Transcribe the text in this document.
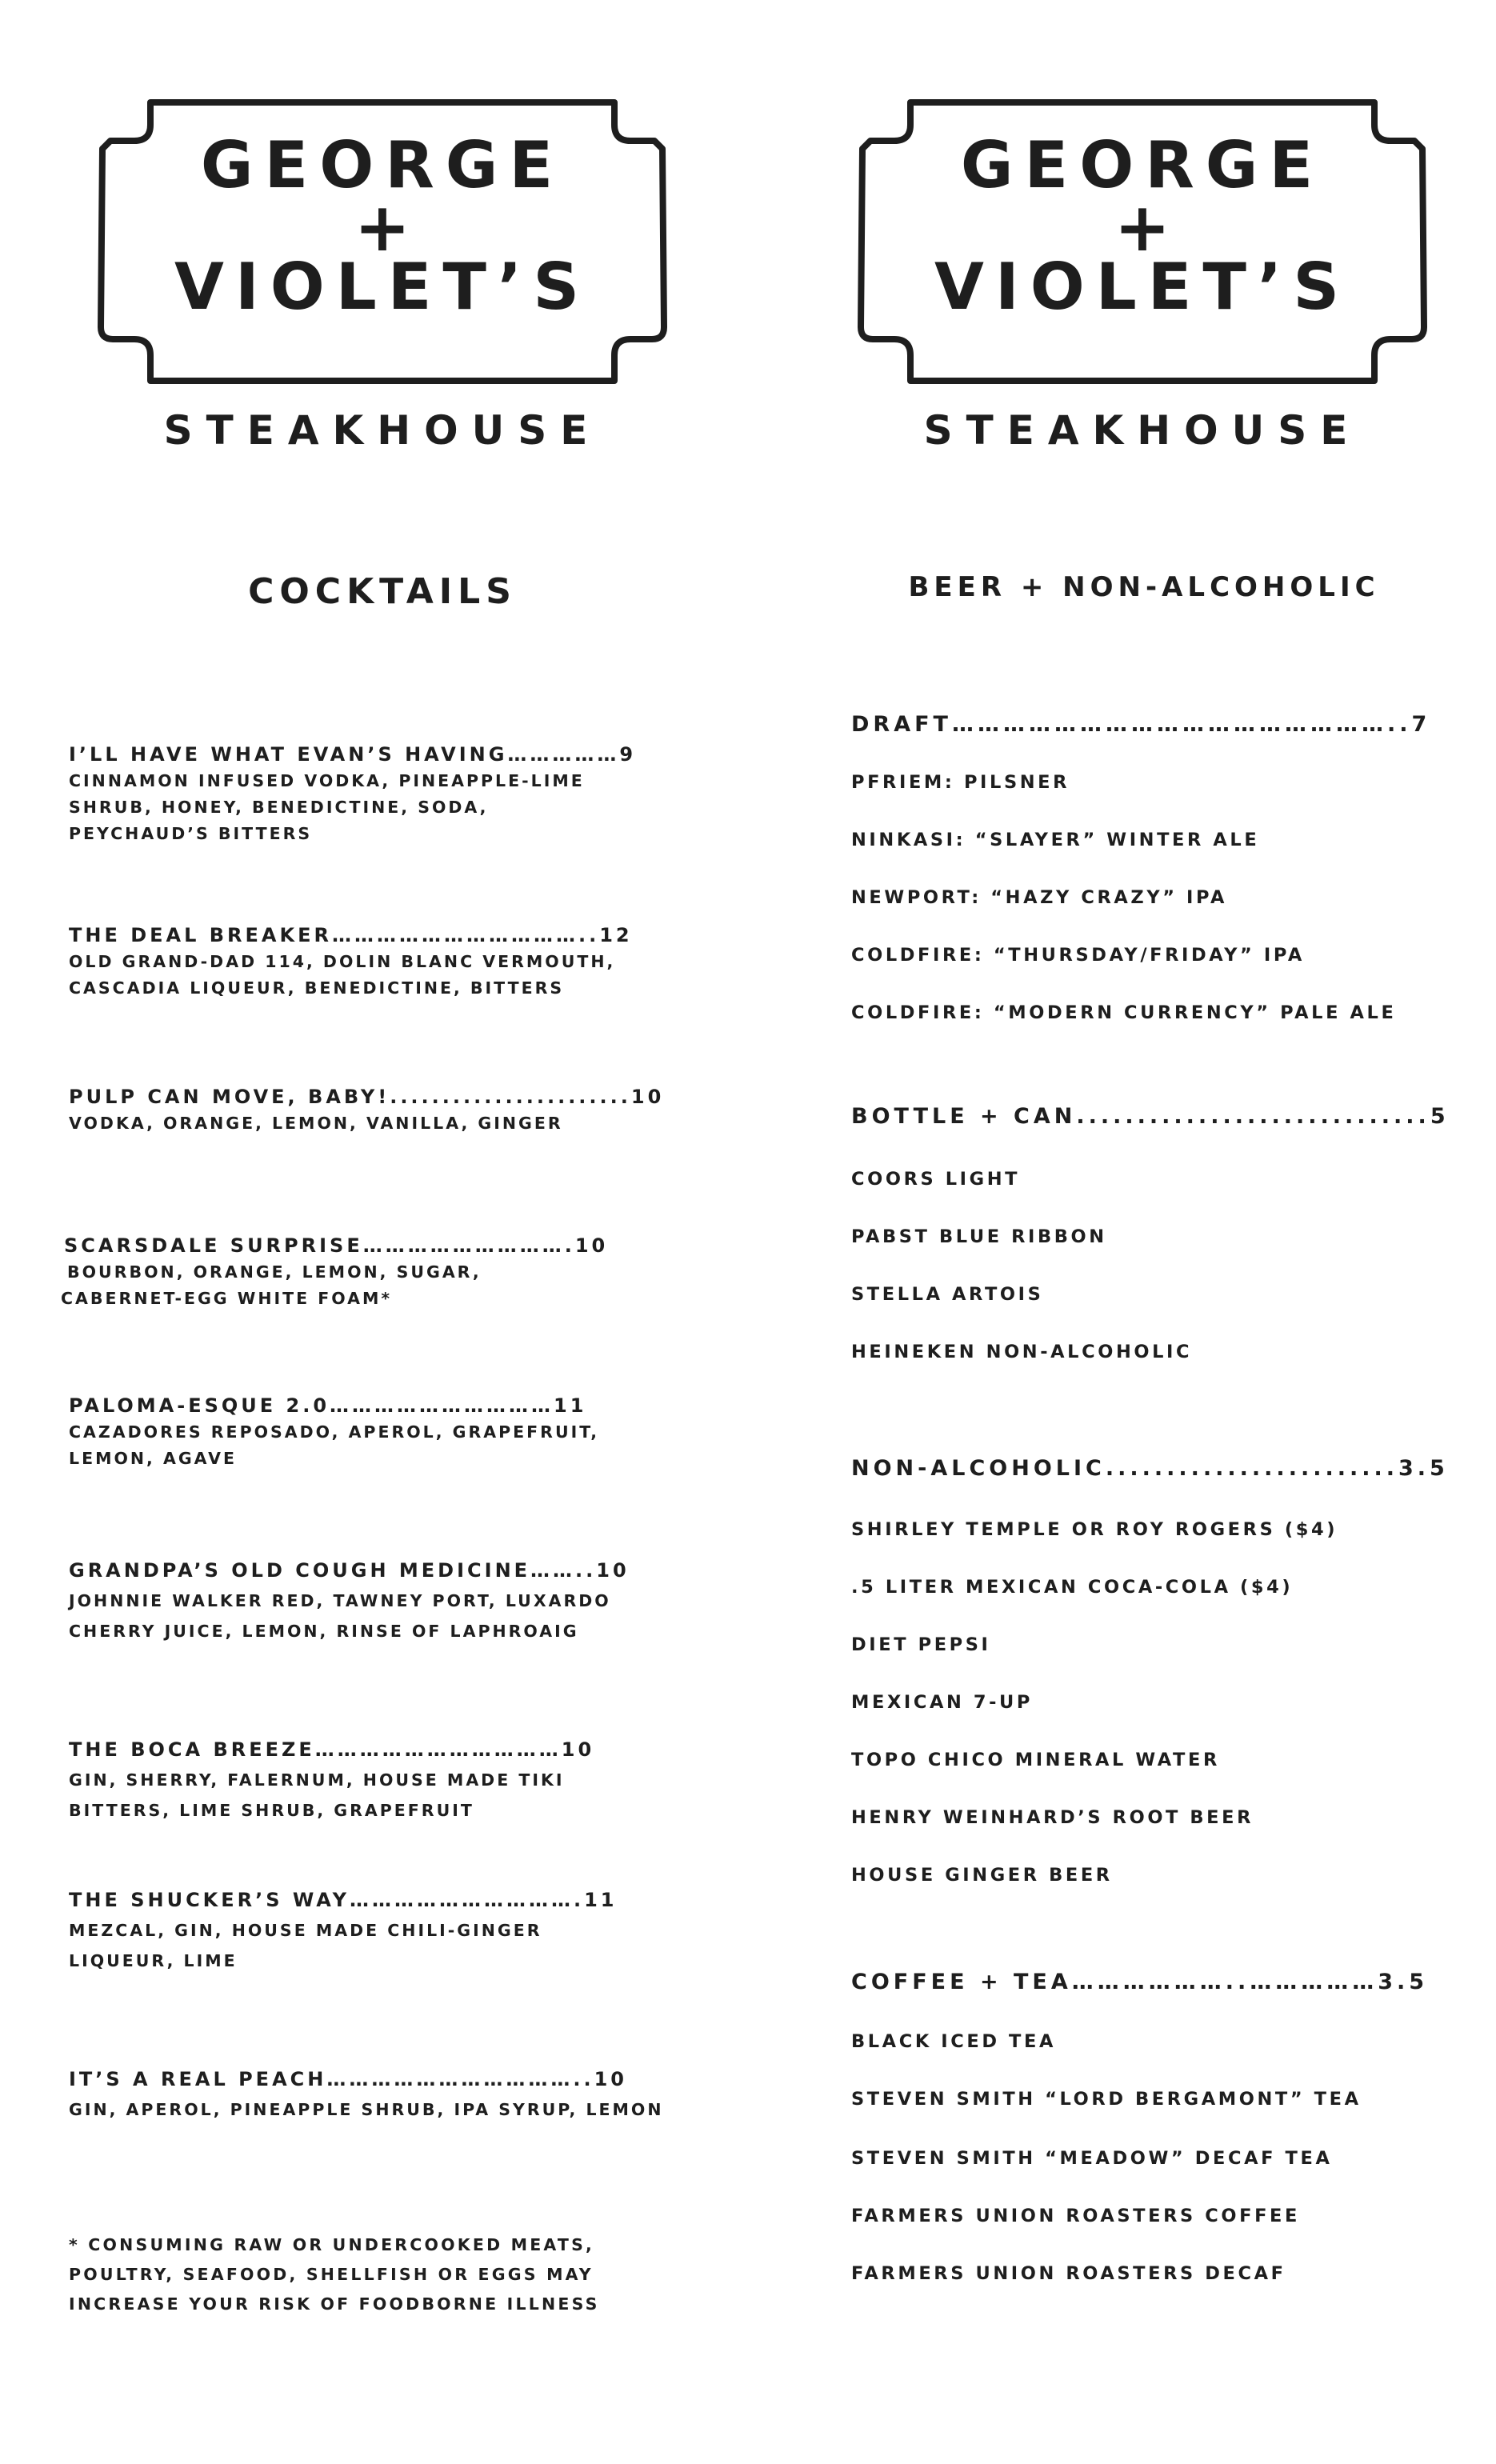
GEORGE
+
VIOLET’S
STEAKHOUSE
GEORGE
+
VIOLET’S
STEAKHOUSE
COCKTAILS	BEER + NON-ALCOHOLIC
I’LL HAVE WHAT EVAN’S HAVING……………9
CINNAMON INFUSED VODKA, PINEAPPLE-LIME
SHRUB, HONEY, BENEDICTINE, SODA,
PEYCHAUD’S BITTERS
THE DEAL BREAKER……………………………..12
OLD GRAND-DAD 114, DOLIN BLANC VERMOUTH,
CASCADIA LIQUEUR, BENEDICTINE, BITTERS
PULP CAN MOVE, BABY!.......................10
VODKA, ORANGE, LEMON, VANILLA, GINGER
SCARSDALE SURPRISE……………………….10
BOURBON, ORANGE, LEMON, SUGAR,
CABERNET-EGG WHITE FOAM*
PALOMA-ESQUE 2.0…………………………11
CAZADORES REPOSADO, APEROL, GRAPEFRUIT,
LEMON, AGAVE
GRANDPA’S OLD COUGH MEDICINE……..10
JOHNNIE WALKER RED, TAWNEY PORT, LUXARDO
CHERRY JUICE, LEMON, RINSE OF LAPHROAIG
THE BOCA BREEZE……………………………10
GIN, SHERRY, FALERNUM, HOUSE MADE TIKI
BITTERS, LIME SHRUB, GRAPEFRUIT
THE SHUCKER’S WAY………………………….11
MEZCAL, GIN, HOUSE MADE CHILI-GINGER
LIQUEUR, LIME
IT’S A REAL PEACH……………………………..10
GIN, APEROL, PINEAPPLE SHRUB, IPA SYRUP, LEMON
* CONSUMING RAW OR UNDERCOOKED MEATS,
POULTRY, SEAFOOD, SHELLFISH OR EGGS MAY
INCREASE YOUR RISK OF FOODBORNE ILLNESS
DRAFT……………………………………………..7
PFRIEM: PILSNER
NINKASI: “SLAYER” WINTER ALE
NEWPORT: “HAZY CRAZY” IPA
COLDFIRE: “THURSDAY/FRIDAY” IPA
COLDFIRE: “MODERN CURRENCY” PALE ALE
BOTTLE + CAN.............................5
COORS LIGHT
PABST BLUE RIBBON
STELLA ARTOIS
HEINEKEN NON-ALCOHOLIC
NON-ALCOHOLIC........................3.5
SHIRLEY TEMPLE OR ROY ROGERS ($4)
.5 LITER MEXICAN COCA-COLA ($4)
DIET PEPSI
MEXICAN 7-UP
TOPO CHICO MINERAL WATER
HENRY WEINHARD’S ROOT BEER
HOUSE GINGER BEER
COFFEE + TEA………………..……………3.5
BLACK ICED TEA
STEVEN SMITH “LORD BERGAMONT” TEA
STEVEN SMITH “MEADOW” DECAF TEA
FARMERS UNION ROASTERS COFFEE
FARMERS UNION ROASTERS DECAF
